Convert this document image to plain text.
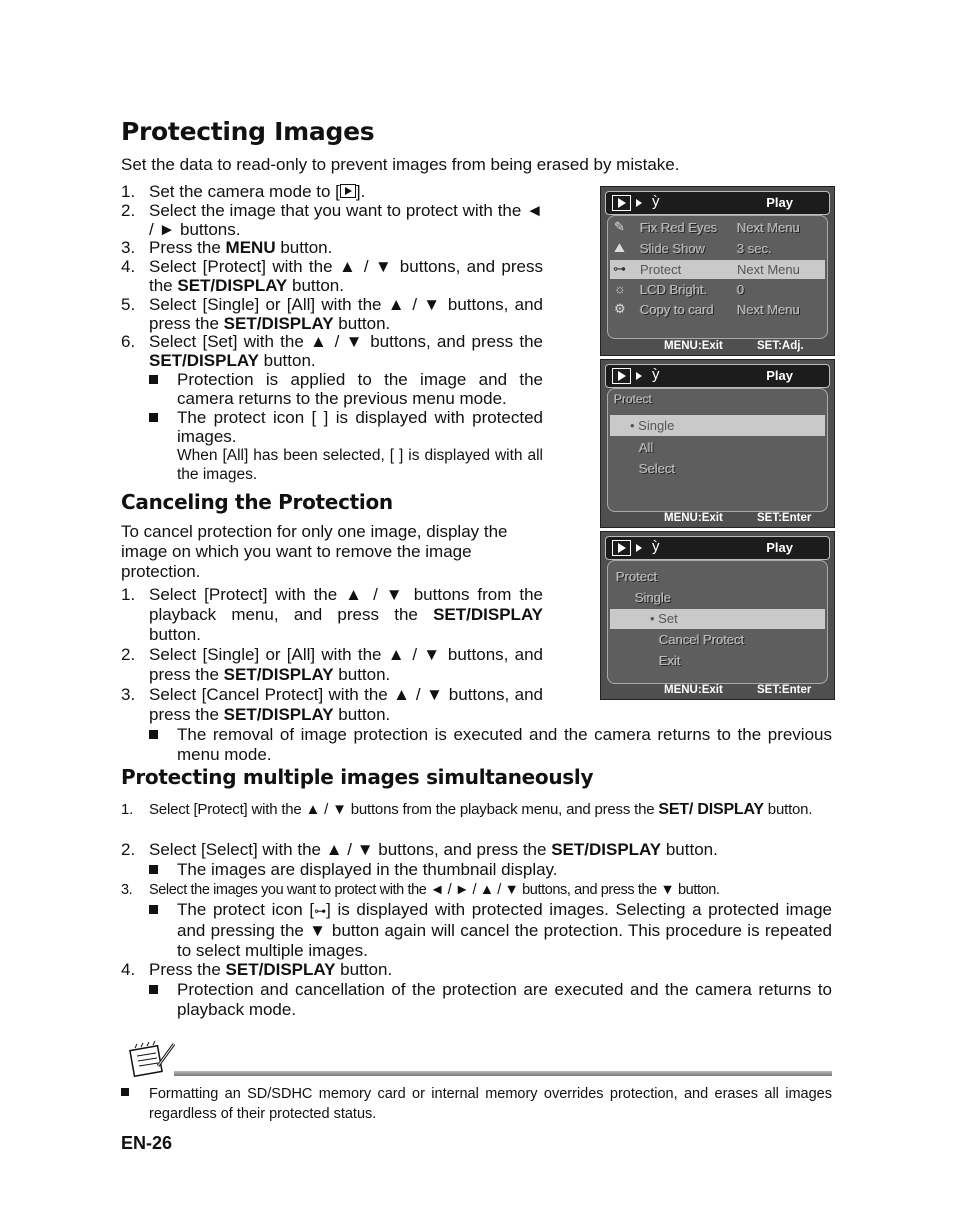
Protecting Images
Set the data to read-only to prevent images from being erased by mistake.
1. Set the camera mode to [ ].
2. Select the image that you want to protect with the ◄ / ► buttons.
3. Press the MENU button.
4. Select [Protect] with the ▲ / ▼ buttons, and press the SET/DISPLAY button.
5. Select [Single] or [All] with the ▲ / ▼ buttons, and press the SET/DISPLAY button.
6. Select [Set] with the ▲ / ▼ buttons, and press the SET/DISPLAY button.
Protection is applied to the image and the camera returns to the previous menu mode.
The protect icon [ ] is displayed with protected images.
When [All] has been selected, [ ] is displayed with all the images.
Canceling the Protection
To cancel protection for only one image, display the image on which you want to remove the image protection.
1. Select [Protect] with the ▲ / ▼ buttons from the playback menu, and press the SET/DISPLAY button.
2. Select [Single] or [All] with the ▲ / ▼ buttons, and press the SET/DISPLAY button.
3. Select [Cancel Protect] with the ▲ / ▼ buttons, and press the SET/DISPLAY button.
The removal of image protection is executed and the camera returns to the previous menu mode.
Protecting multiple images simultaneously
1. Select [Protect] with the ▲ / ▼ buttons from the playback menu, and press the SET/ DISPLAY button.
2. Select [Select] with the ▲ / ▼ buttons, and press the SET/DISPLAY button.
The images are displayed in the thumbnail display.
3. Select the images you want to protect with the ◄ / ► / ▲ / ▼ buttons, and press the ▼ button.
The protect icon [⊶] is displayed with protected images. Selecting a protected image and pressing the ▼ button again will cancel the protection. This procedure is repeated to select multiple images.
4. Press the SET/DISPLAY button.
Protection and cancellation of the protection are executed and the camera returns to playback mode.
Formatting an SD/SDHC memory card or internal memory overrides protection, and erases all images regardless of their protected status.
EN-26
ỳ	Play
✎ Fix Red Eyes Next Menu
⛰ Slide Show 3 sec.
⊶ Protect	Next Menu
☼ LCD Bright. 0
⚙ Copy to card Next Menu
MENU:Exit	SET:Adj.
ỳ	Play
Protect
• Single
All
Select
MENU:Exit	SET:Enter
ỳ	Play
Protect
Single
• Set
Cancel Protect
Exit
MENU:Exit	SET:Enter
